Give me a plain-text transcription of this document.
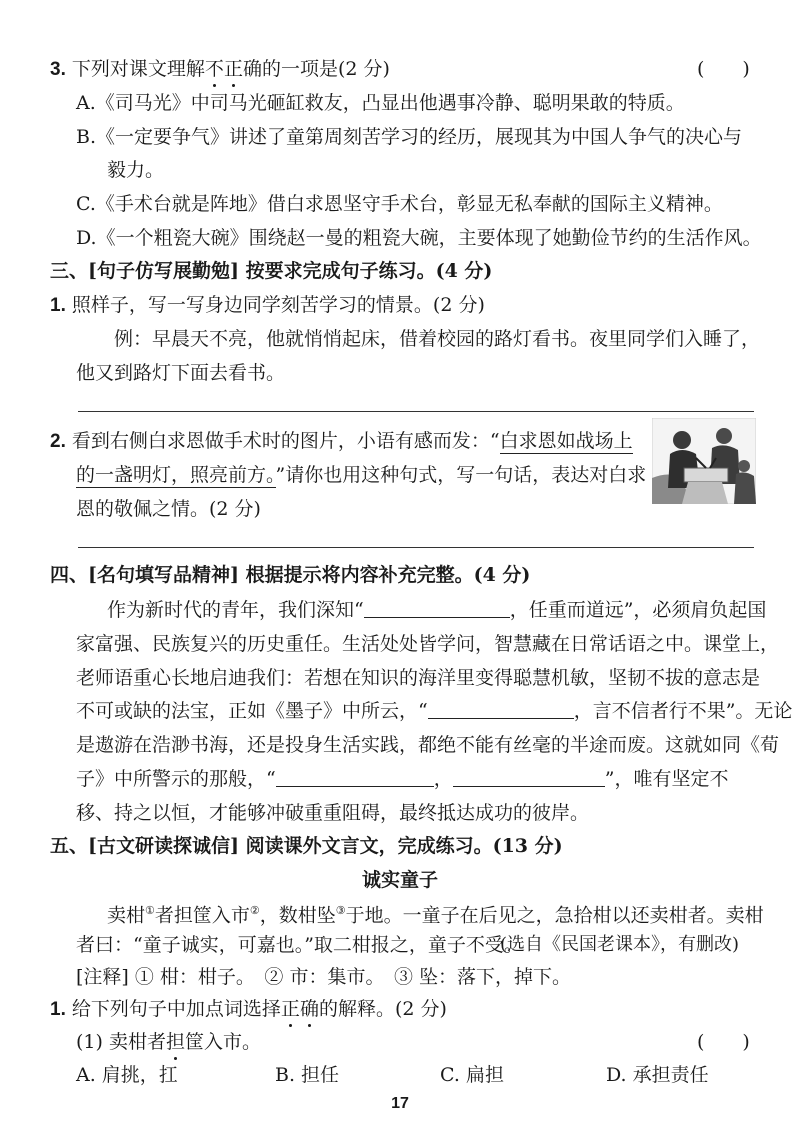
3. 下列对课文理解不正确的一项是(2 分)	(　　)
A.《司马光》中司马光砸缸救友，凸显出他遇事冷静、聪明果敢的特质。
B.《一定要争气》讲述了童第周刻苦学习的经历，展现其为中国人争气的决心与
毅力。
C.《手术台就是阵地》借白求恩坚守手术台，彰显无私奉献的国际主义精神。
D.《一个粗瓷大碗》围绕赵一曼的粗瓷大碗，主要体现了她勤俭节约的生活作风。
三、[句子仿写展勤勉] 按要求完成句子练习。(4 分)
1. 照样子，写一写身边同学刻苦学习的情景。(2 分)
例：早晨天不亮，他就悄悄起床，借着校园的路灯看书。夜里同学们入睡了，
他又到路灯下面去看书。
2. 看到右侧白求恩做手术时的图片，小语有感而发：“白求恩如战场上
的一盏明灯，照亮前方。”请你也用这种句式，写一句话，表达对白求
恩的敬佩之情。(2 分)
四、[名句填写品精神] 根据提示将内容补充完整。(4 分)
作为新时代的青年，我们深知“	，任重而道远”，必须肩负起国
家富强、民族复兴的历史重任。生活处处皆学问，智慧藏在日常话语之中。课堂上，
老师语重心长地启迪我们：若想在知识的海洋里变得聪慧机敏，坚韧不拔的意志是
不可或缺的法宝，正如《墨子》中所云，“	，言不信者行不果”。无论
是遨游在浩渺书海，还是投身生活实践，都绝不能有丝毫的半途而废。这就如同《荀
子》中所警示的那般，“	，	”，唯有坚定不
移、持之以恒，才能够冲破重重阻碍，最终抵达成功的彼岸。
五、[古文研读探诚信] 阅读课外文言文，完成练习。(13 分)
诚实童子
卖柑①者担筐入市②，数柑坠③于地。一童子在后见之，急拾柑以还卖柑者。卖柑
者曰：“童子诚实，可嘉也。”取二柑报之，童子不受。
(选自《民国老课本》，有删改)
[注释] ① 柑：柑子。　② 市：集市。　③ 坠：落下，掉下。
1. 给下列句子中加点词选择正确的解释。(2 分)
(1) 卖柑者担筐入市。	(　　)
A. 肩挑，扛	B. 担任	C. 扁担	D. 承担责任
17
